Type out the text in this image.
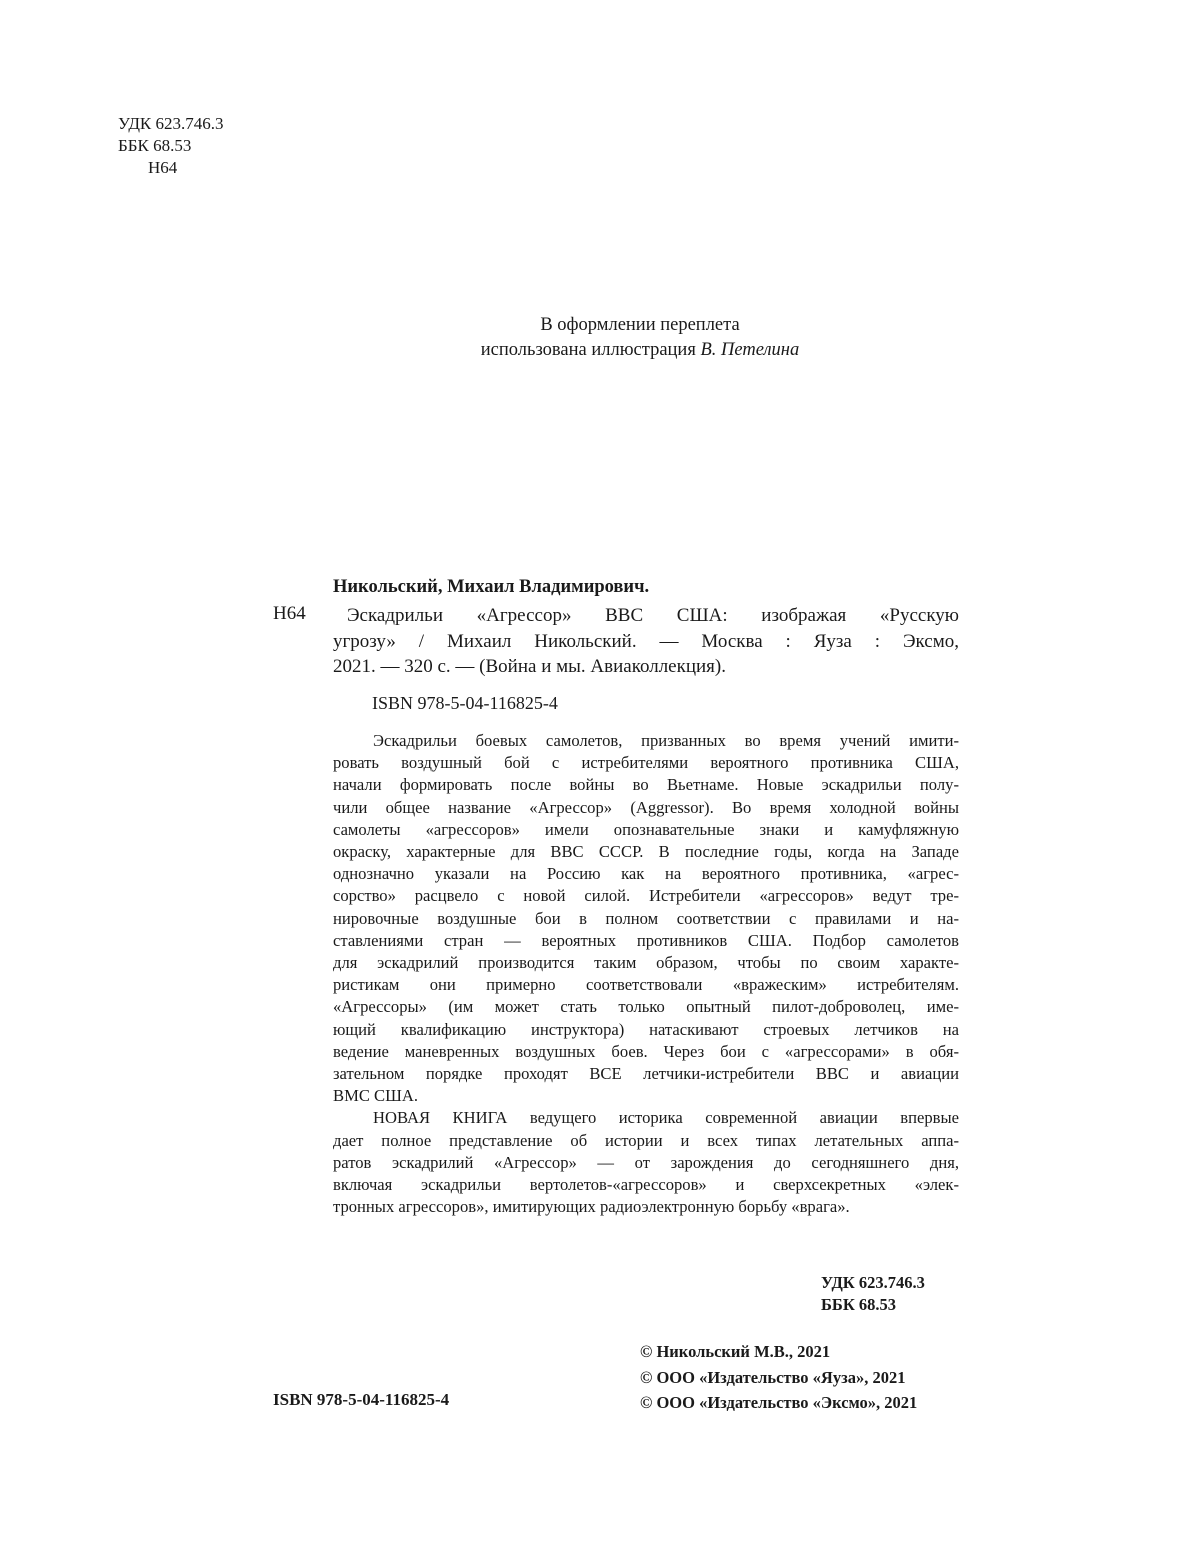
УДК 623.746.3
ББК 68.53
Н64
В оформлении переплета
использована иллюстрация В. Петелина
Никольский, Михаил Владимирович.
Н64	Эскадрильи «Агрессор» ВВС США: изображая «Русскую
угрозу» / Михаил Никольский. — Москва : Яуза : Эксмо,
2021. — 320 с. — (Война и мы. Авиаколлекция).
ISBN 978-5-04-116825-4
Эскадрильи боевых самолетов, призванных во время учений имити-
ровать воздушный бой с истребителями вероятного противника США,
начали формировать после войны во Вьетнаме. Новые эскадрильи полу-
чили общее название «Агрессор» (Aggressor). Во время холодной войны
самолеты «агрессоров» имели опознавательные знаки и камуфляжную
окраску, характерные для ВВС СССР. В последние годы, когда на Западе
однозначно указали на Россию как на вероятного противника, «агрес-
сорство» расцвело с новой силой. Истребители «агрессоров» ведут тре-
нировочные воздушные бои в полном соответствии с правилами и на-
ставлениями стран — вероятных противников США. Подбор самолетов
для эскадрилий производится таким образом, чтобы по своим характе-
ристикам они примерно соответствовали «вражеским» истребителям.
«Агрессоры» (им может стать только опытный пилот-доброволец, име-
ющий квалификацию инструктора) натаскивают строевых летчиков на
ведение маневренных воздушных боев. Через бои с «агрессорами» в обя-
зательном порядке проходят ВСЕ летчики-истребители ВВС и авиации
ВМС США.
НОВАЯ КНИГА ведущего историка современной авиации впервые
дает полное представление об истории и всех типах летательных аппа-
ратов эскадрилий «Агрессор» — от зарождения до сегодняшнего дня,
включая эскадрильи вертолетов-«агрессоров» и сверхсекретных «элек-
тронных агрессоров», имитирующих радиоэлектронную борьбу «врага».
УДК 623.746.3
ББК 68.53
© Никольский М.В., 2021
© ООО «Издательство «Яуза», 2021
© ООО «Издательство «Эксмо», 2021
ISBN 978-5-04-116825-4
